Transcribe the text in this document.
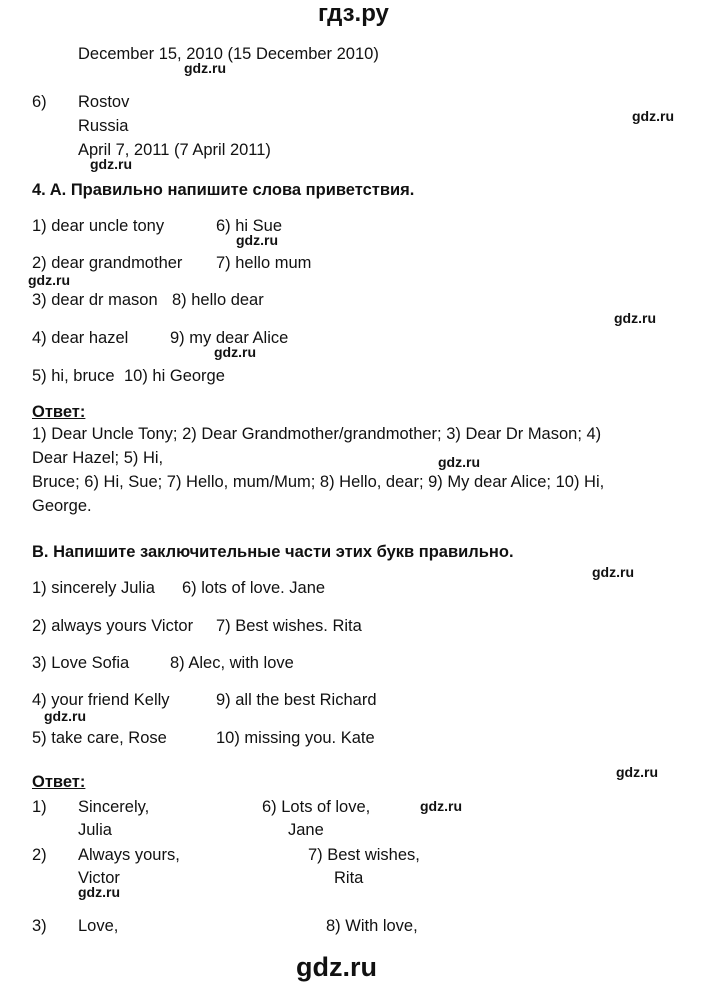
гдз.ру
December 15, 2010 (15 December 2010)
6) Rostov
Russia
April 7, 2011 (7 April 2011)
4. A. Правильно напишите слова приветствия.
1) dear uncle tony	6) hi Sue
2) dear grandmother 7) hello mum
3) dear dr mason 8) hello dear
4) dear hazel	9) my dear Alice
5) hi, bruce 10) hi George
Ответ:
1) Dear Uncle Tony; 2) Dear Grandmother/grandmother; 3) Dear Dr Mason; 4)
Dear Hazel; 5) Hi,
Bruce; 6) Hi, Sue; 7) Hello, mum/Mum; 8) Hello, dear; 9) My dear Alice; 10) Hi,
George.
B. Напишите заключительные части этих букв правильно.
1) sincerely Julia 6) lots of love. Jane
2) always yours Victor 7) Best wishes. Rita
3) Love Sofia 8) Alec, with love
4) your friend Kelly	9) all the best Richard
5) take care, Rose	10) missing you. Kate
Ответ:
1) Sincerely,	6) Lots of love,
Julia	Jane
2) Always yours,	7) Best wishes,
Victor	Rita
3) Love,	8) With love,
gdz.ru
gdz.ru
gdz.ru
gdz.ru
gdz.ru
gdz.ru
gdz.ru
gdz.ru
gdz.ru
gdz.ru
gdz.ru
gdz.ru
gdz.ru
gdz.ru
